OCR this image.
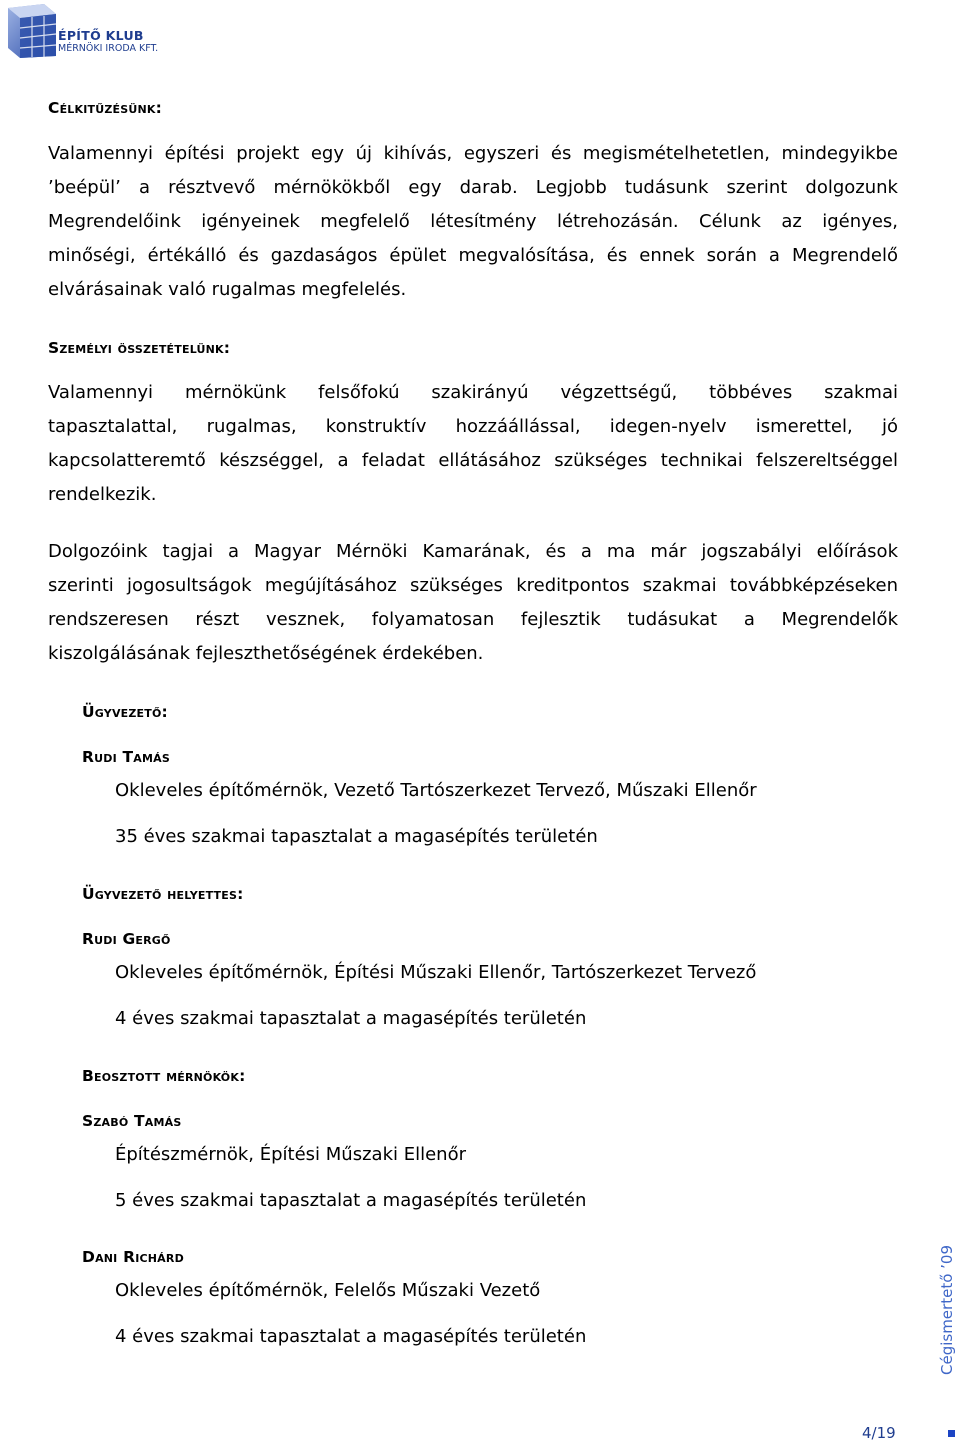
ÉPÍTŐ KLUB
MÉRNÖKI IRODA KFT.
Célkitűzésünk:
Valamennyi építési projekt egy új kihívás, egyszeri és megismételhetetlen, mindegyikbe
’beépül’ a résztvevő mérnökökből egy darab. Legjobb tudásunk szerint dolgozunk
Megrendelőink igényeinek megfelelő létesítmény létrehozásán. Célunk az igényes,
minőségi, értékálló és gazdaságos épület megvalósítása, és ennek során a Megrendelő
elvárásainak való rugalmas megfelelés.
Személyi összetételünk:
Valamennyi mérnökünk felsőfokú szakirányú végzettségű, többéves szakmai
tapasztalattal, rugalmas, konstruktív hozzáállással, idegen-nyelv ismerettel, jó
kapcsolatteremtő készséggel, a feladat ellátásához szükséges technikai felszereltséggel
rendelkezik.
Dolgozóink tagjai a Magyar Mérnöki Kamarának, és a ma már jogszabályi előírások
szerinti jogosultságok megújításához szükséges kreditpontos szakmai továbbképzéseken
rendszeresen részt vesznek, folyamatosan fejlesztik tudásukat a Megrendelők
kiszolgálásának fejleszthetőségének érdekében.
Ügyvezető:
Rudi Tamás
Okleveles építőmérnök, Vezető Tartószerkezet Tervező, Műszaki Ellenőr
35 éves szakmai tapasztalat a magasépítés területén
Ügyvezető helyettes:
Rudi Gergő
Okleveles építőmérnök, Építési Műszaki Ellenőr, Tartószerkezet Tervező
4 éves szakmai tapasztalat a magasépítés területén
Beosztott mérnökök:
Szabó Tamás
Építészmérnök, Építési Műszaki Ellenőr
5 éves szakmai tapasztalat a magasépítés területén
Dani Richárd
Okleveles építőmérnök, Felelős Műszaki Vezető
4 éves szakmai tapasztalat a magasépítés területén	Cégismertető ’09
4/19
